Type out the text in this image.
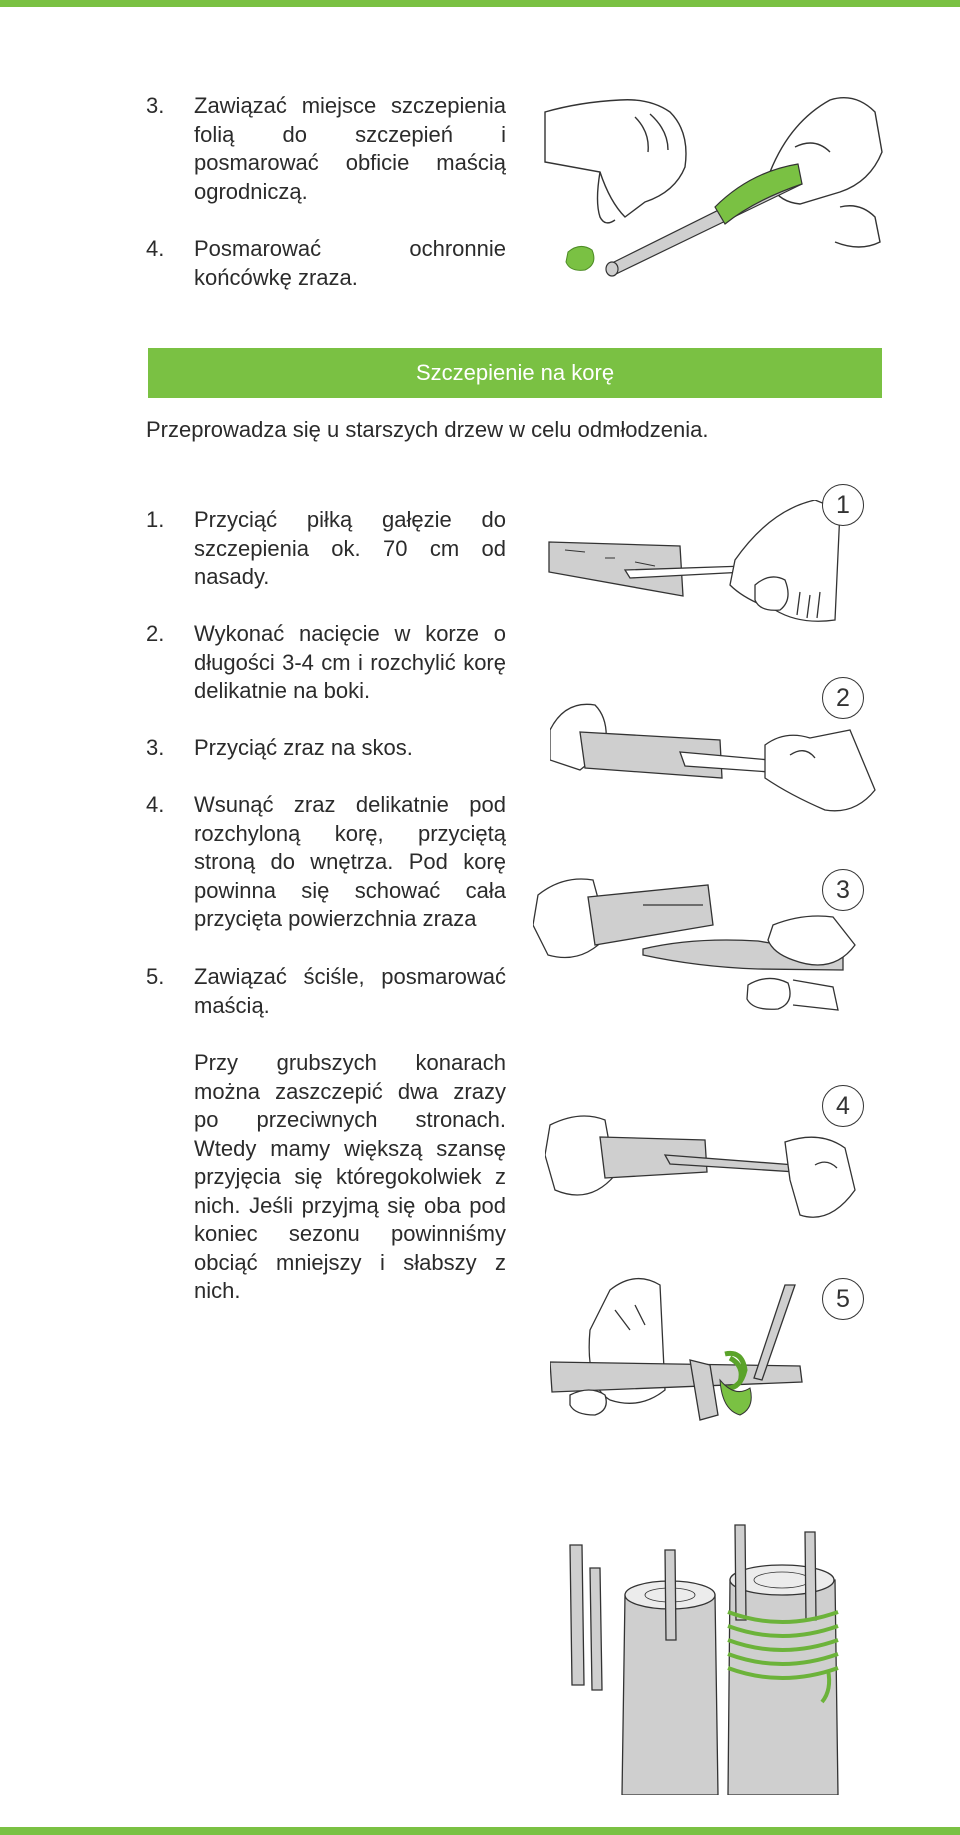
3. Zawiązać miejsce szczepienia folią do szczepień i posmarować obficie maścią ogrodniczą.
4. Posmarować ochronnie końcówkę zraza.
Szczepienie na korę
Przeprowadza się u starszych drzew w celu odmłodzenia.
1. Przyciąć piłką gałęzie do szczepienia ok. 70 cm od nasady.
2. Wykonać nacięcie w korze o długości 3-4 cm i rozchylić korę delikatnie na boki.
3. Przyciąć zraz na skos.
4. Wsunąć zraz delikatnie pod rozchyloną korę, przyciętą stroną do wnętrza. Pod korę powinna się schować cała przycięta powierzchnia zraza
5. Zawiązać ściśle, posmarować maścią.
Przy grubszych konarach można zaszczepić dwa zrazy po przeciwnych stronach. Wtedy mamy większą szansę przyjęcia się któregokolwiek z nich. Jeśli przyjmą się oba pod koniec sezonu powinniśmy obciąć mniejszy i słabszy z nich.
1
2
3
4
5
